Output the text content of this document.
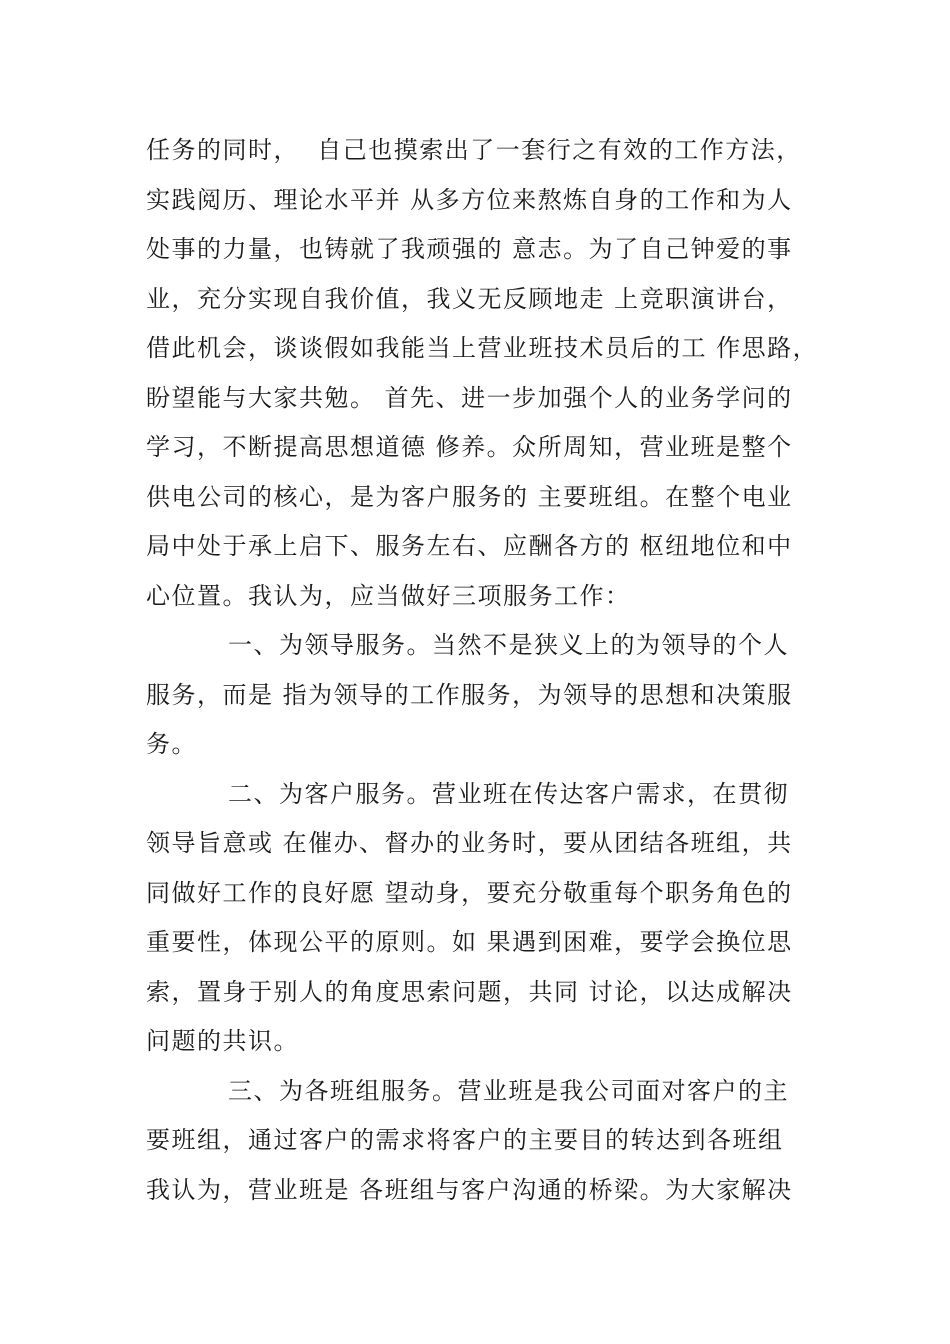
任务的同时，  自己也摸索出了一套行之有效的工作方法，
实践阅历、理论水平并 从多方位来熬炼自身的工作和为人
处事的力量，也铸就了我顽强的 意志。为了自己钟爱的事
业，充分实现自我价值，我义无反顾地走 上竞职演讲台，
借此机会，谈谈假如我能当上营业班技术员后的工 作思路，
盼望能与大家共勉。 首先、进一步加强个人的业务学问的
学习，不断提高思想道德 修养。众所周知，营业班是整个
供电公司的核心，是为客户服务的 主要班组。在整个电业
局中处于承上启下、服务左右、应酬各方的 枢纽地位和中
心位置。我认为，应当做好三项服务工作：
一、为领导服务。当然不是狭义上的为领导的个人
服务，而是 指为领导的工作服务，为领导的思想和决策服
务。
二、为客户服务。营业班在传达客户需求，在贯彻
领导旨意或 在催办、督办的业务时，要从团结各班组，共
同做好工作的良好愿 望动身，要充分敬重每个职务角色的
重要性，体现公平的原则。如 果遇到困难，要学会换位思
索，置身于别人的角度思索问题，共同 讨论，以达成解决
问题的共识。
三、为各班组服务。营业班是我公司面对客户的主
要班组，通过客户的需求将客户的主要目的转达到各班组
我认为，营业班是 各班组与客户沟通的桥梁。为大家解决
